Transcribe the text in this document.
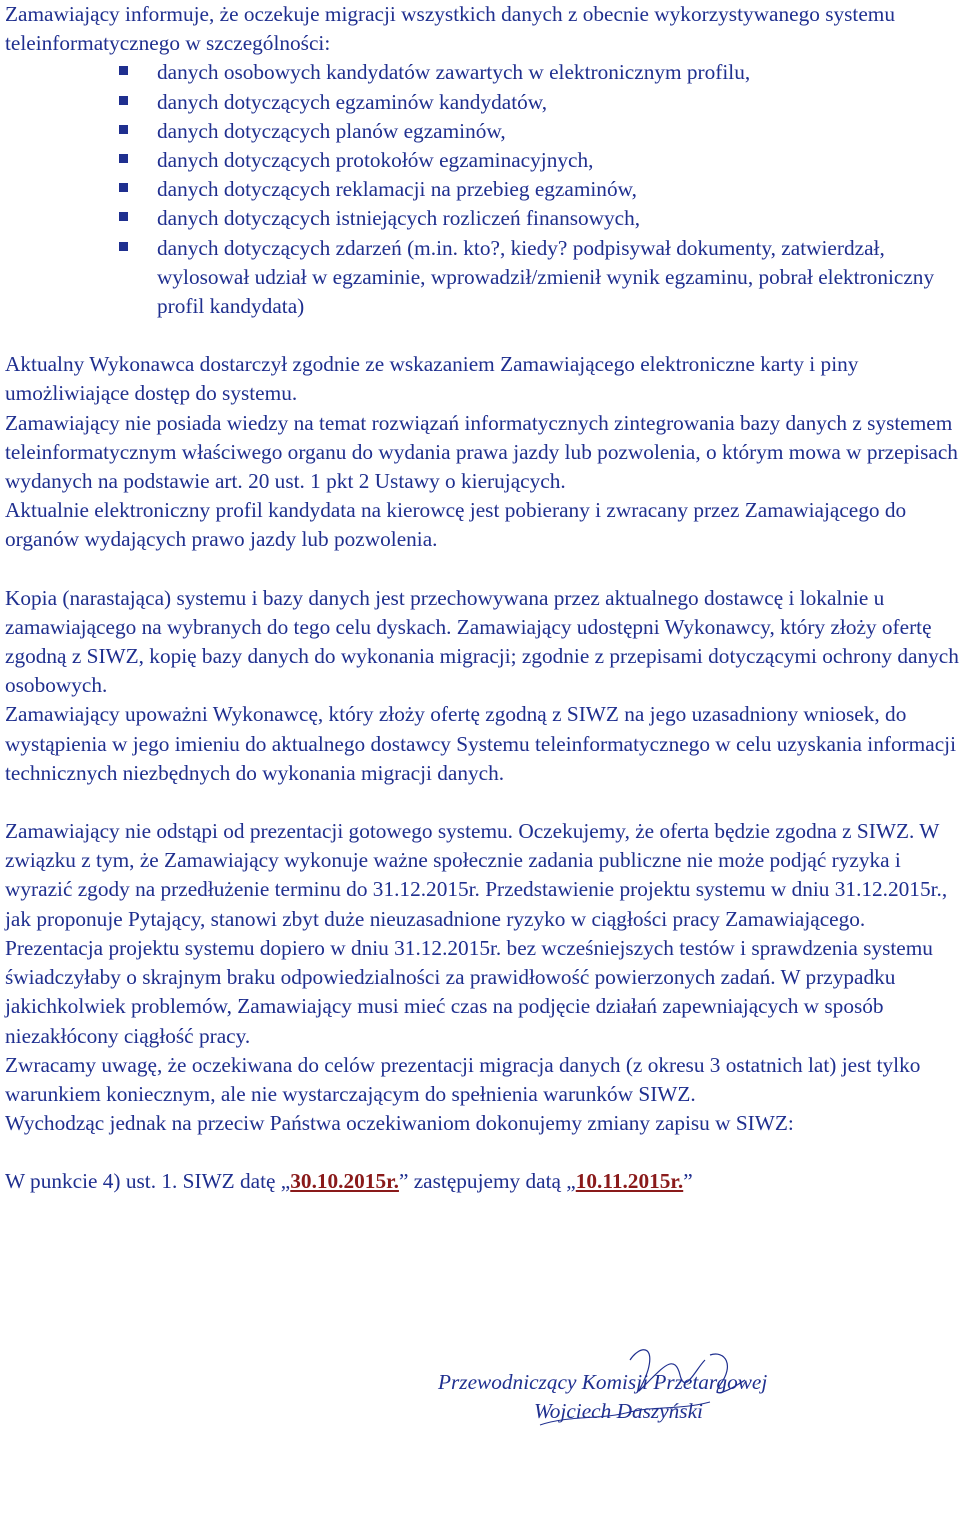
Zamawiający informuje, że oczekuje migracji wszystkich danych z obecnie wykorzystywanego systemu teleinformatycznego w szczególności:

danych osobowych kandydatów zawartych w elektronicznym profilu,
danych dotyczących egzaminów kandydatów,
danych dotyczących planów egzaminów,
danych dotyczących protokołów egzaminacyjnych,
danych dotyczących reklamacji na przebieg egzaminów,
danych dotyczących istniejących rozliczeń finansowych,
danych dotyczących zdarzeń (m.in. kto?, kiedy? podpisywał dokumenty, zatwierdzał, wylosował udział w egzaminie, wprowadził/zmienił wynik egzaminu, pobrał elektroniczny profil kandydata)

Aktualny Wykonawca dostarczył zgodnie ze wskazaniem Zamawiającego elektroniczne karty i piny umożliwiające dostęp do systemu.

Zamawiający nie posiada wiedzy na temat rozwiązań informatycznych zintegrowania bazy danych z systemem teleinformatycznym właściwego organu do wydania prawa jazdy lub pozwolenia, o którym mowa w przepisach wydanych na podstawie art. 20 ust. 1 pkt 2 Ustawy o kierujących.

Aktualnie elektroniczny profil kandydata na kierowcę jest pobierany i zwracany przez Zamawiającego do organów wydających prawo jazdy lub pozwolenia.

Kopia (narastająca) systemu i bazy danych jest przechowywana przez aktualnego dostawcę i lokalnie u zamawiającego na wybranych do tego celu dyskach. Zamawiający udostępni Wykonawcy, który złoży ofertę zgodną z SIWZ, kopię bazy danych do wykonania migracji; zgodnie z przepisami dotyczącymi ochrony danych osobowych.

Zamawiający upoważni Wykonawcę, który złoży ofertę zgodną z SIWZ na jego uzasadniony wniosek, do wystąpienia w jego imieniu do aktualnego dostawcy Systemu teleinformatycznego w celu uzyskania informacji technicznych niezbędnych do wykonania migracji danych.

Zamawiający nie odstąpi od prezentacji gotowego systemu. Oczekujemy, że oferta będzie zgodna z SIWZ. W związku z tym, że Zamawiający wykonuje ważne społecznie zadania publiczne nie może podjąć ryzyka i wyrazić zgody na przedłużenie terminu do 31.12.2015r. Przedstawienie projektu systemu w dniu 31.12.2015r., jak proponuje Pytający, stanowi zbyt duże nieuzasadnione ryzyko w ciągłości pracy Zamawiającego. Prezentacja projektu systemu dopiero w dniu 31.12.2015r. bez wcześniejszych testów i sprawdzenia systemu świadczyłaby o skrajnym braku odpowiedzialności za prawidłowość powierzonych zadań. W przypadku jakichkolwiek problemów, Zamawiający musi mieć czas na podjęcie działań zapewniających w sposób niezakłócony ciągłość pracy.

Zwracamy uwagę, że oczekiwana do celów prezentacji migracja danych (z okresu 3 ostatnich lat) jest tylko warunkiem koniecznym, ale nie wystarczającym do spełnienia warunków SIWZ.

Wychodząc jednak na przeciw Państwa oczekiwaniom dokonujemy zmiany zapisu w SIWZ:

W punkcie 4) ust. 1. SIWZ datę „30.10.2015r.” zastępujemy datą „10.11.2015r.”

Przewodniczący Komisji Przetargowej
Wojciech Daszyński
